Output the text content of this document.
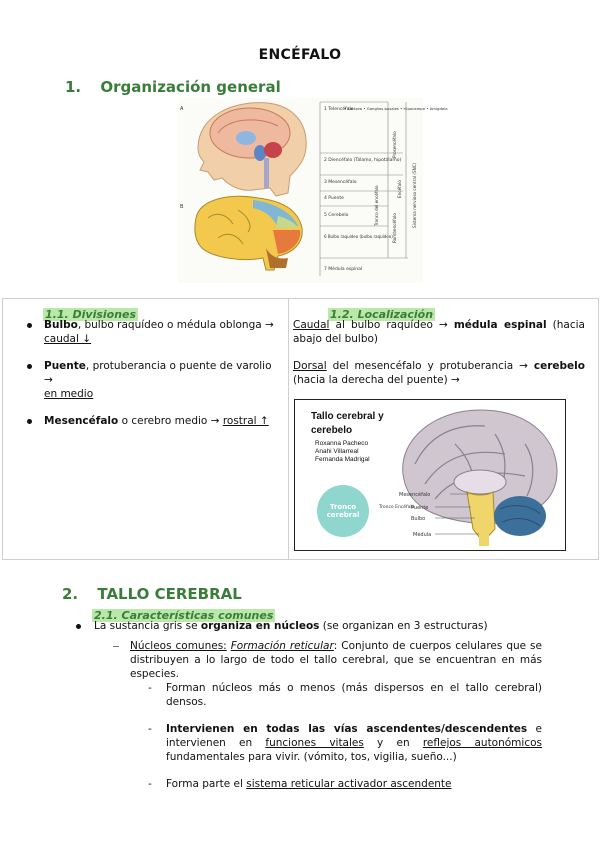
ENCÉFALO
1. Organización general
A
B
1 Telencéfalo
• Corteza • Ganglios basales • Hipocampo • Amígdala
2 Diencéfalo (Tálamo, hipotálamo)
3 Mesencéfalo
4 Puente
5 Cerebelo
6 Bulbo raquídeo (bulbo raquídeo)
7 Médula espinal
Prosencéfalo
Tronco del encéfalo
Rombencéfalo
Encéfalo Sistema nervioso central (SNC)
1.1. Divisiones
Bulbo, bulbo raquídeo o médula oblonga →
caudal ↓
Puente, protuberancia o puente de varolio →
en medio
Mesencéfalo o cerebro medio → rostral ↑
1.2. Localización
Caudal al bulbo raquídeo → médula espinal (hacia abajo del bulbo)
Dorsal del mesencéfalo y protuberancia → cerebelo (hacia la derecha del puente) →
Tallo cerebral y
cerebelo
Roxanna Pacheco
Anahi Villarreal
Fernanda Madrigal
Tronco
cerebral
Mesencéfalo
Tronco Encéfalo
Puente
Bulbo
Médula
2. TALLO CEREBRAL
2.1. Características comunes
La sustancia gris se organiza en núcleos (se organizan en 3 estructuras)
Núcleos comunes: Formación reticular: Conjunto de cuerpos celulares que se distribuyen a lo largo de todo el tallo cerebral, que se encuentran en más especies.
- Forman núcleos más o menos (más dispersos en el tallo cerebral) densos.
- Intervienen en todas las vías ascendentes/descendentes e intervienen en funciones vitales y en reflejos autonómicos fundamentales para vivir. (vómito, tos, vigilia, sueño...)
- Forma parte el sistema reticular activador ascendente
